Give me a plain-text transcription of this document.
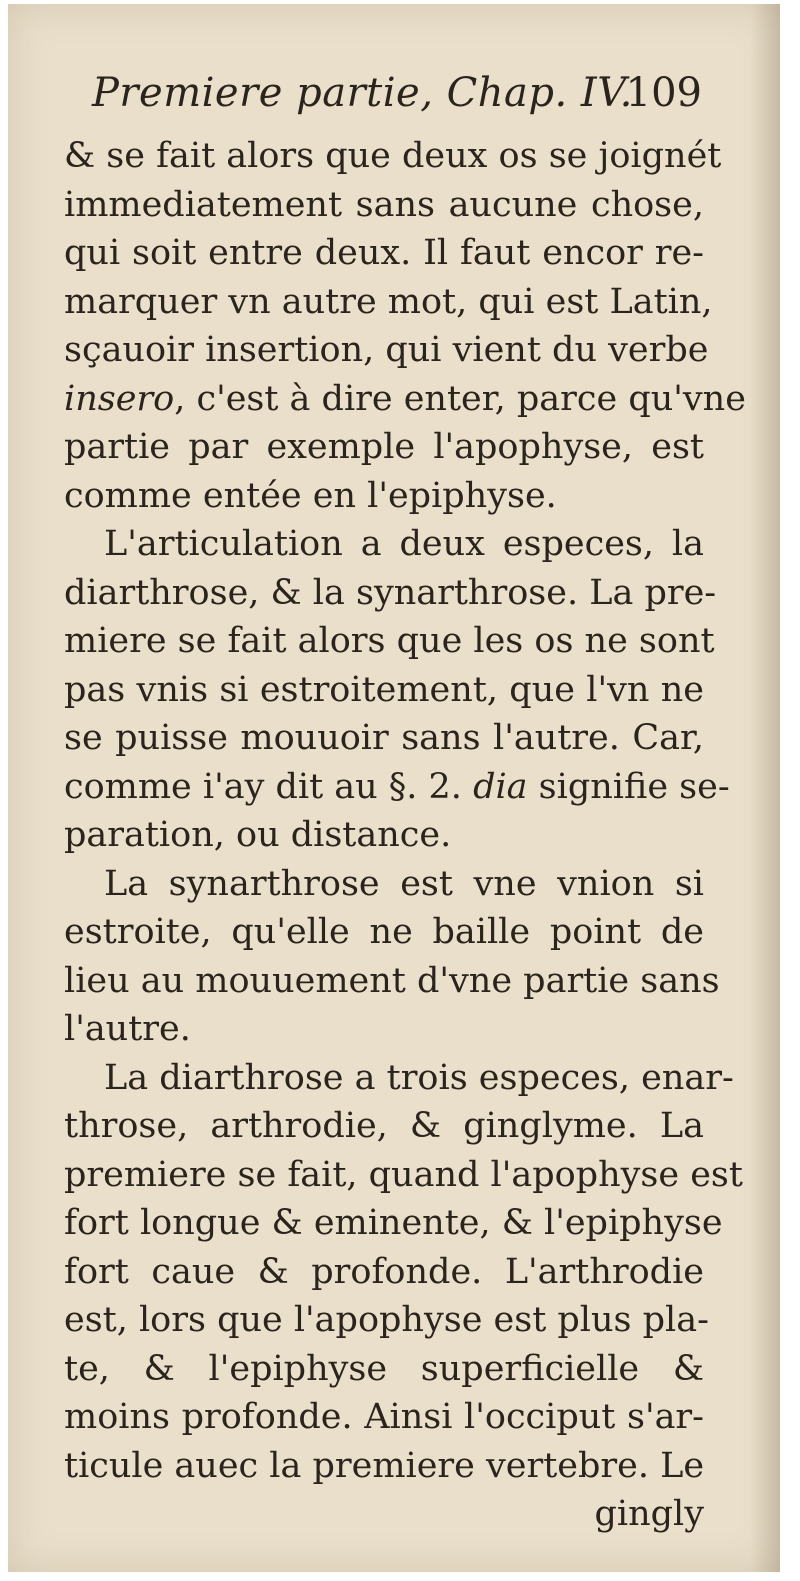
Premiere partie, Chap. IV.
109
& se fait alors que deux os se joignét
immediatement sans aucune chose,
qui soit entre deux. Il faut encor re-
marquer vn autre mot, qui est Latin,
sçauoir insertion, qui vient du verbe
insero, c'est à dire enter, parce qu'vne
partie par exemple l'apophyse, est
comme entée en l'epiphyse.
L'articulation a deux especes, la
diarthrose, & la synarthrose. La pre-
miere se fait alors que les os ne sont
pas vnis si estroitement, que l'vn ne
se puisse mouuoir sans l'autre. Car,
comme i'ay dit au §. 2. dia signifie se-
paration, ou distance.
La synarthrose est vne vnion si
estroite, qu'elle ne baille point de
lieu au mouuement d'vne partie sans
l'autre.
La diarthrose a trois especes, enar-
throse, arthrodie, & ginglyme. La
premiere se fait, quand l'apophyse est
fort longue & eminente, & l'epiphyse
fort caue & profonde. L'arthrodie
est, lors que l'apophyse est plus pla-
te, & l'epiphyse superficielle &
moins profonde. Ainsi l'occiput s'ar-
ticule auec la premiere vertebre. Le
gingly
